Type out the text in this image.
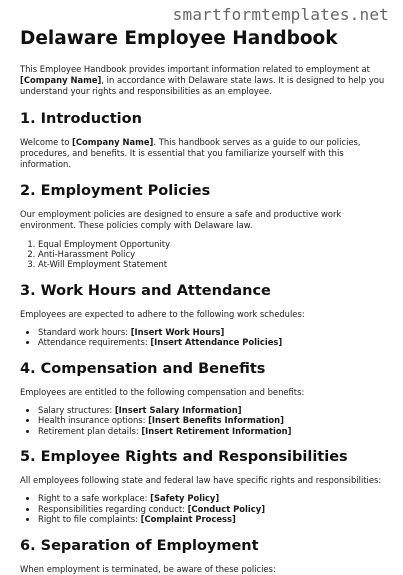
smartformtemplates.net

Delaware Employee Handbook

This Employee Handbook provides important information related to employment at [Company Name], in accordance with Delaware state laws. It is designed to help you understand your rights and responsibilities as an employee.

1. Introduction

Welcome to [Company Name]. This handbook serves as a guide to our policies, procedures, and benefits. It is essential that you familiarize yourself with this information.

2. Employment Policies

Our employment policies are designed to ensure a safe and productive work environment. These policies comply with Delaware law.

1. Equal Employment Opportunity
2. Anti-Harassment Policy
3. At-Will Employment Statement
3. Work Hours and Attendance

Employees are expected to adhere to the following work schedules:

• Standard work hours: [Insert Work Hours]
• Attendance requirements: [Insert Attendance Policies]
4. Compensation and Benefits

Employees are entitled to the following compensation and benefits:

• Salary structures: [Insert Salary Information]
• Health insurance options: [Insert Benefits Information]
• Retirement plan details: [Insert Retirement Information]
5. Employee Rights and Responsibilities

All employees following state and federal law have specific rights and responsibilities:

• Right to a safe workplace: [Safety Policy]
• Responsibilities regarding conduct: [Conduct Policy]
• Right to file complaints: [Complaint Process]
6. Separation of Employment

When employment is terminated, be aware of these policies:
